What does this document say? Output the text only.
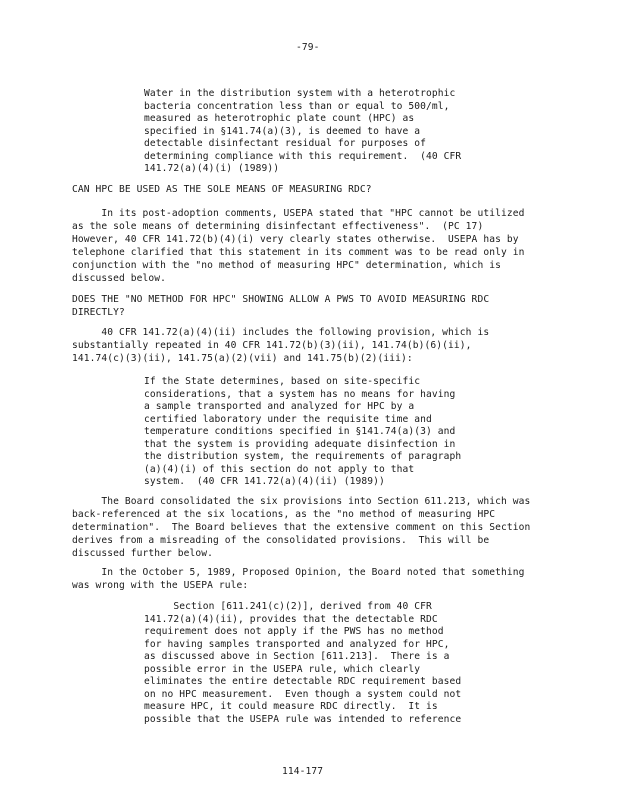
-79-
Water in the distribution system with a heterotrophic
bacteria concentration less than or equal to 500/ml,
measured as heterotrophic plate count (HPC) as
specified in §141.74(a)(3), is deemed to have a
detectable disinfectant residual for purposes of
determining compliance with this requirement.  (40 CFR
141.72(a)(4)(i) (1989))
CAN HPC BE USED AS THE SOLE MEANS OF MEASURING RDC?
In its post-adoption comments, USEPA stated that "HPC cannot be utilized
as the sole means of determining disinfectant effectiveness".  (PC 17)
However, 40 CFR 141.72(b)(4)(i) very clearly states otherwise.  USEPA has by
telephone clarified that this statement in its comment was to be read only in
conjunction with the "no method of measuring HPC" determination, which is
discussed below.
DOES THE "NO METHOD FOR HPC" SHOWING ALLOW A PWS TO AVOID MEASURING RDC
DIRECTLY?
40 CFR 141.72(a)(4)(ii) includes the following provision, which is
substantially repeated in 40 CFR 141.72(b)(3)(ii), 141.74(b)(6)(ii),
141.74(c)(3)(ii), 141.75(a)(2)(vii) and 141.75(b)(2)(iii):
If the State determines, based on site-specific
considerations, that a system has no means for having
a sample transported and analyzed for HPC by a
certified laboratory under the requisite time and
temperature conditions specified in §141.74(a)(3) and
that the system is providing adequate disinfection in
the distribution system, the requirements of paragraph
(a)(4)(i) of this section do not apply to that
system.  (40 CFR 141.72(a)(4)(ii) (1989))
The Board consolidated the six provisions into Section 611.213, which was
back-referenced at the six locations, as the "no method of measuring HPC
determination".  The Board believes that the extensive comment on this Section
derives from a misreading of the consolidated provisions.  This will be
discussed further below.
In the October 5, 1989, Proposed Opinion, the Board noted that something
was wrong with the USEPA rule:
Section [611.241(c)(2)], derived from 40 CFR
141.72(a)(4)(ii), provides that the detectable RDC
requirement does not apply if the PWS has no method
for having samples transported and analyzed for HPC,
as discussed above in Section [611.213].  There is a
possible error in the USEPA rule, which clearly
eliminates the entire detectable RDC requirement based
on no HPC measurement.  Even though a system could not
measure HPC, it could measure RDC directly.  It is
possible that the USEPA rule was intended to reference
114-177
